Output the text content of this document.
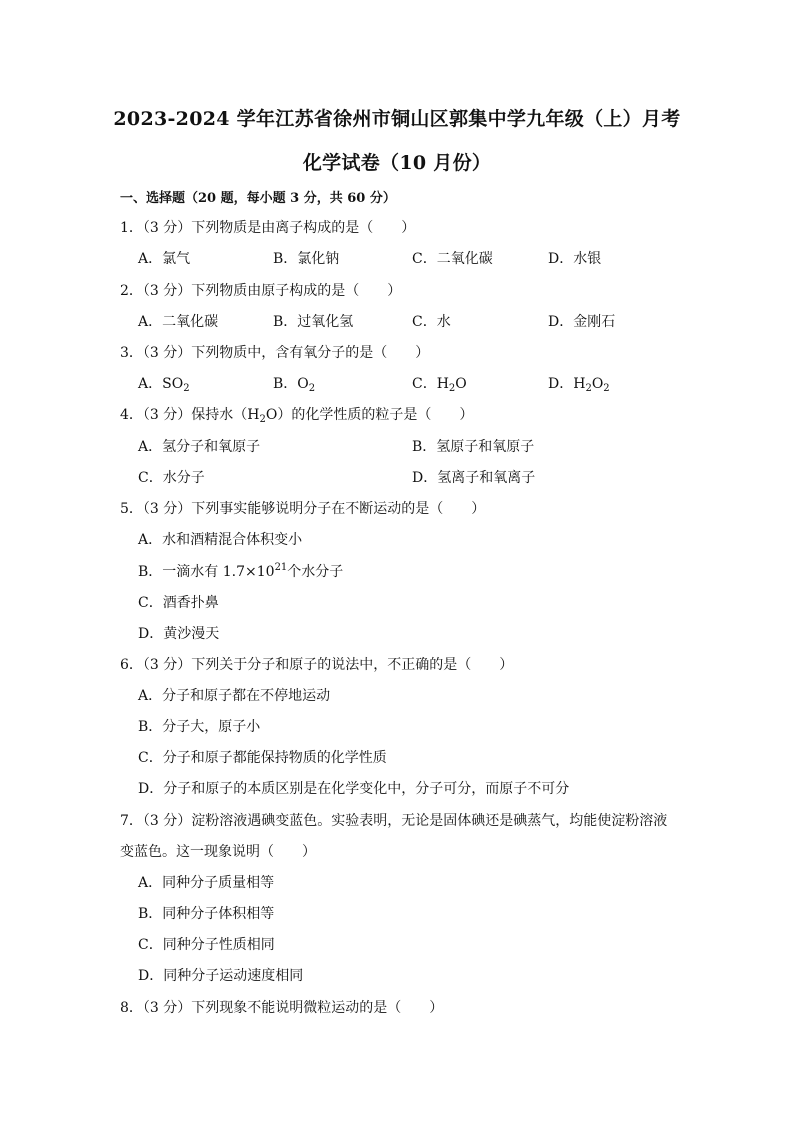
2023-2024 学年江苏省徐州市铜山区郭集中学九年级（上）月考
化学试卷（10 月份）
一、选择题（20 题，每小题 3 分，共 60 分）
1．（3 分）下列物质是由离子构成的是（　　）
A．氯气	B．氯化钠	C．二氧化碳	D．水银
2．（3 分）下列物质由原子构成的是（　　）
A．二氧化碳	B．过氧化氢	C．水	D．金刚石
3．（3 分）下列物质中，含有氧分子的是（　　）
A．$SO_2$	B．$O_2$	C．$H_2O$	D．$H_2O_2$
4．（3 分）保持水$(H_2O)$的化学性质的粒子是（　　）
A．氢分子和氧原子	B．氢原子和氧原子
C．水分子	D．氢离子和氧离子
5．（3 分）下列事实能够说明分子在不断运动的是（　　）
A．水和酒精混合体积变小
B．一滴水有 $1.7\times 10^{21}$个水分子
C．酒香扑鼻
D．黄沙漫天
6．（3 分）下列关于分子和原子的说法中，不正确的是（　　）
A．分子和原子都在不停地运动
B．分子大，原子小
C．分子和原子都能保持物质的化学性质
D．分子和原子的本质区别是在化学变化中，分子可分，而原子不可分
7．（3 分）淀粉溶液遇碘变蓝色。实验表明，无论是固体碘还是碘蒸气，均能使淀粉溶液
变蓝色。这一现象说明（　　）
A．同种分子质量相等
B．同种分子体积相等
C．同种分子性质相同
D．同种分子运动速度相同
8．（3 分）下列现象不能说明微粒运动的是（　　）
